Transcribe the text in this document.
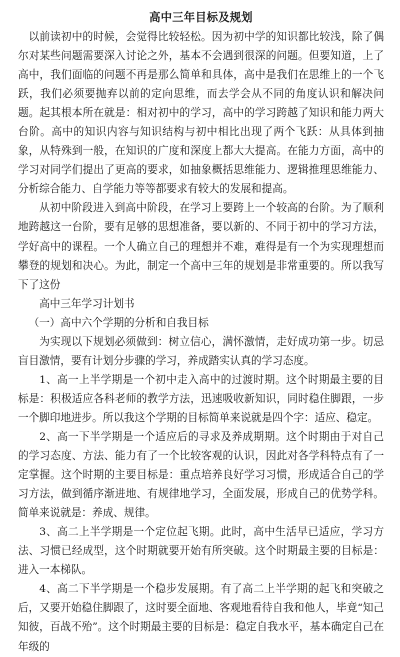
高中三年目标及规划

以前读初中的时候，会觉得比较轻松。因为初中学的知识都比较浅，除了偶尔对某些问题需要深入讨论之外，基本不会遇到很深的问题。但要知道，上了高中，我们面临的问题不再是那么简单和具体，高中是我们在思维上的一个飞跃，我们必须要抛弃以前的定向思维，而去学会从不同的角度认识和解决问题。起其根本所在就是：相对初中的学习，高中的学习跨越了知识和能力两大台阶。高中的知识内容与知识结构与初中相比出现了两个飞跃：从具体到抽象，从特殊到一般，在知识的广度和深度上都大大提高。在能力方面，高中的学习对同学们提出了更高的要求，如抽象概括思维能力、逻辑推理思维能力、分析综合能力、自学能力等等都要求有较大的发展和提高。

从初中阶段进入到高中阶段，在学习上要跨上一个较高的台阶。为了顺利地跨越这一台阶，要有足够的思想准备，要以新的、不同于初中的学习方法，学好高中的课程。一个人确立自己的理想并不难，难得是有一个为实现理想而攀登的规划和决心。为此，制定一个高中三年的规划是非常重要的。所以我写下了这份

高中三年学习计划书

（一）高中六个学期的分析和自我目标

为实现以下规划必须做到：树立信心，满怀激情，走好成功第一步。切忌盲目激情，要有计划分步骤的学习，养成踏实认真的学习态度。

1、高一上半学期是一个初中走入高中的过渡时期。这个时期最主要的目标是：积极适应各科老师的教学方法，迅速吸收新知识，同时稳住脚跟，一步一个脚印地进步。所以我这个学期的目标简单来说就是四个字：适应、稳定。

2、高一下半学期是一个适应后的寻求及养成期期。这个时期由于对自己的学习态度、方法、能力有了一个比较客观的认识，因此对各学科特点有了一定掌握。这个时期的主要目标是：重点培养良好学习习惯，形成适合自己的学习方法，做到循序渐进地、有规律地学习，全面发展，形成自己的优势学科。简单来说就是：养成、规律。

3、高二上半学期是一个定位起飞期。此时，高中生活早已适应，学习方法、习惯已经成型，这个时期就要开始有所突破。这个时期最主要的目标是：进入一本梯队。

4、高二下半学期是一个稳步发展期。有了高二上半学期的起飞和突破之后，又要开始稳住脚跟了，这时要全面地、客观地看待自我和他人，毕竟“知己知彼，百战不殆”。这个时期最主要的目标是：稳定自我水平，基本确定自己在年级的
